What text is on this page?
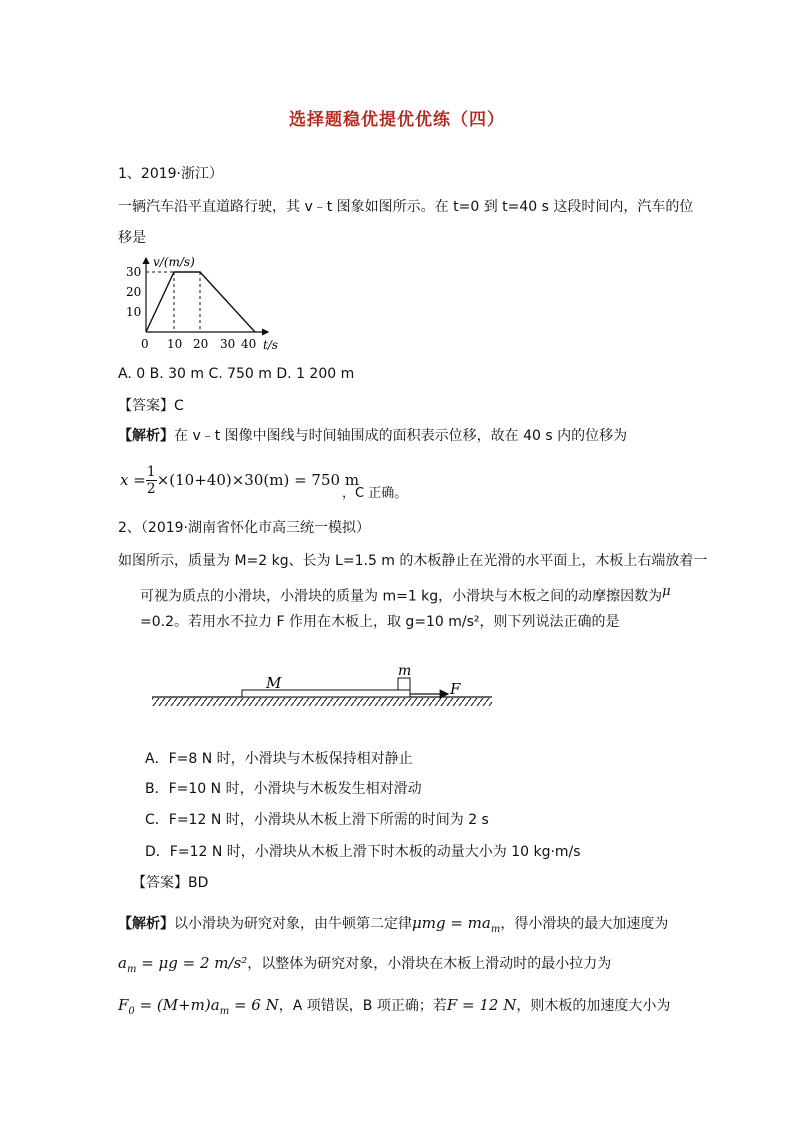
选择题稳优提优优练（四）
1、2019·浙江）
一辆汽车沿平直道路行驶，其 v﹣t 图象如图所示。在 t=0 到 t=40 s 这段时间内，汽车的位
移是
v/(m/s)
t/s
30
20
10
0 10 20 30 40
A. 0 B. 30 m C. 750 m D. 1 200 m
【答案】C
【解析】在 v﹣t 图像中图线与时间轴围成的面积表示位移，故在 40 s 内的位移为
$x = \frac{1}{2} \times(10+40)\times 30(m) = 750$ m
，C 正确。
2、（2019·湖南省怀化市高三统一模拟）
如图所示，质量为 M=2 kg、长为 L=1.5 m 的木板静止在光滑的水平面上，木板上右端放着一
可视为质点的小滑块，小滑块的质量为 m=1 kg，小滑块与木板之间的动摩擦因数为$^\mu$
=0.2。若用水不拉力 F 作用在木板上，取 g=10 m/s²，则下列说法正确的是
M
m
F
A．F=8 N 时，小滑块与木板保持相对静止
B．F=10 N 时，小滑块与木板发生相对滑动
C．F=12 N 时，小滑块从木板上滑下所需的时间为 2 s
D．F=12 N 时，小滑块从木板上滑下时木板的动量大小为 10 kg·m/s
【答案】BD
【解析】以小滑块为研究对象，由牛顿第二定律$\mu mg = ma_m$，得小滑块的最大加速度为
$a_m = \mu g = 2$ m/s²，以整体为研究对象，小滑块在木板上滑动时的最小拉力为
$F_0 = (M+m)a_m = 6$ N，A 项错误，B 项正确；若F = 12 N，则木板的加速度大小为
